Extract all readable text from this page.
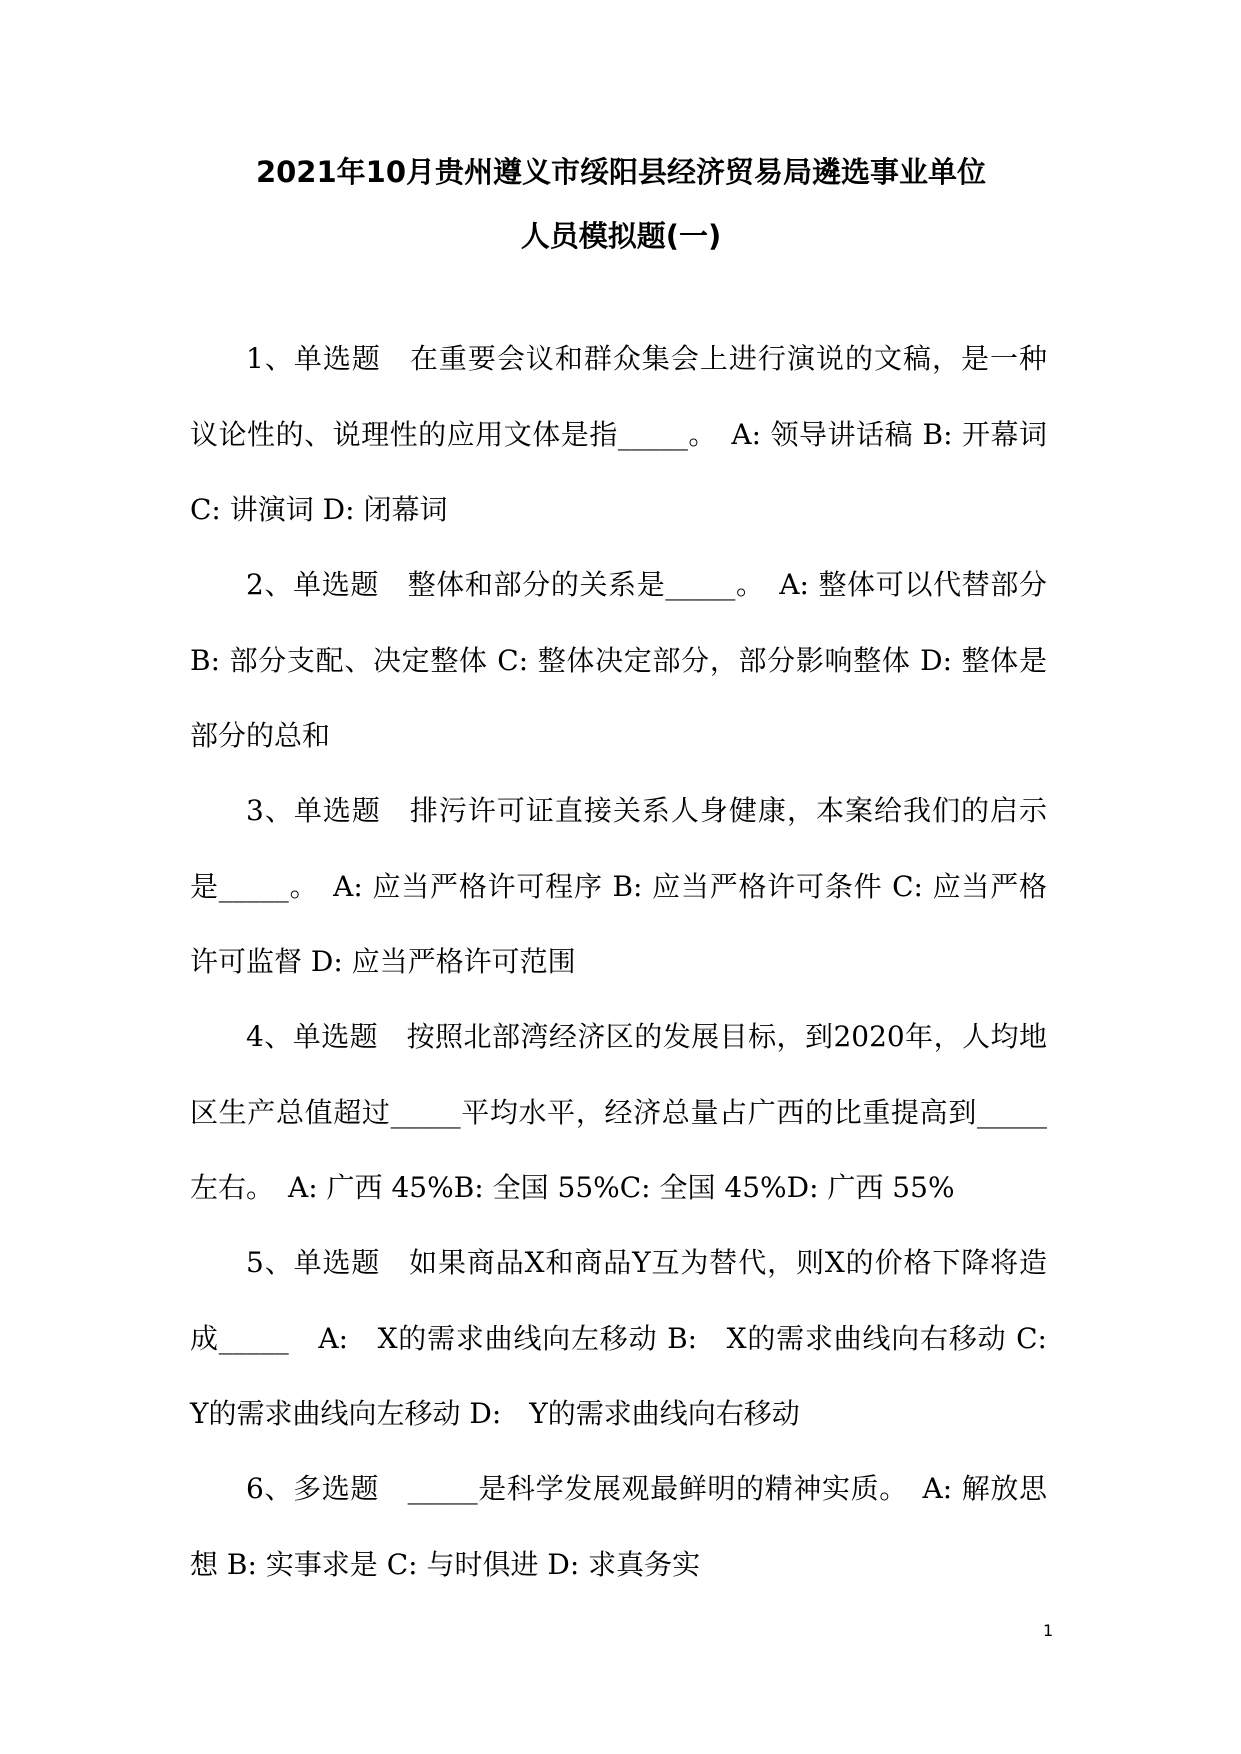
2021年10月贵州遵义市绥阳县经济贸易局遴选事业单位
人员模拟题(一)
1、单选题　在重要会议和群众集会上进行演说的文稿，是一种议论性的、说理性的应用文体是指_____。　A: 领导讲话稿 B: 开幕词 C: 讲演词 D: 闭幕词
2、单选题　整体和部分的关系是_____。　A: 整体可以代替部分 B: 部分支配、决定整体 C: 整体决定部分，部分影响整体 D: 整体是部分的总和
3、单选题　排污许可证直接关系人身健康，本案给我们的启示是_____。　A: 应当严格许可程序 B: 应当严格许可条件 C: 应当严格许可监督 D: 应当严格许可范围
4、单选题　按照北部湾经济区的发展目标，到2020年，人均地区生产总值超过_____平均水平，经济总量占广西的比重提高到_____左右。　A: 广西 45%B: 全国 55%C: 全国 45%D: 广西 55%
5、单选题　如果商品X和商品Y互为替代，则X的价格下降将造成_____　A:　X的需求曲线向左移动 B:　X的需求曲线向右移动 C:　Y的需求曲线向左移动 D:　Y的需求曲线向右移动
6、多选题　_____是科学发展观最鲜明的精神实质。　A: 解放思想 B: 实事求是 C: 与时俱进 D: 求真务实
1
